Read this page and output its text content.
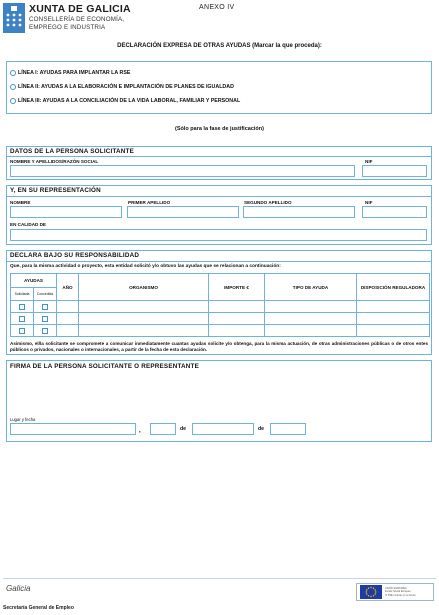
XUNTA DE GALICIA
CONSELLERÍA DE ECONOMÍA,
EMPREGO E INDUSTRIA
ANEXO IV
DECLARACIÓN EXPRESA DE OTRAS AYUDAS (Marcar la que proceda):
LÍNEA I: AYUDAS PARA IMPLANTAR LA RSE
LÍNEA II: AYUDAS A LA ELABORACIÓN E IMPLANTACIÓN DE PLANES DE IGUALDAD
LÍNEA III: AYUDAS A LA CONCILIACIÓN DE LA VIDA LABORAL, FAMILIAR Y PERSONAL
(Sólo para la fase de justificación)
DATOS DE LA PERSONA SOLICITANTE
NOMBRE Y APELLIDOS/RAZÓN SOCIAL	NIF
Y, EN SU REPRESENTACIÓN
NOMBRE	PRIMER APELLIDO	SEGUNDO APELLIDO	NIF
EN CALIDAD DE
DECLARA BAJO SU RESPONSABILIDAD
Que, para la misma actividad o proyecto, esta entidad solicitó y/o obtuvo las ayudas que se relacionan a continuación:
AYUDAS		AÑO	ORGANISMO	IMPORTE €	TIPO DE AYUDA	DISPOSICIÓN REGULADORA
Solicitada	Concedida					

Asimismo, el/la solicitante se compromete a comunicar inmediatamente cuantas ayudas solicite y/o obtenga, para la misma actuación, de otras administraciones públicas o de otros entes públicos o privados, nacionales o internacionales, a partir de la fecha de esta declaración.
FIRMA DE LA PERSONA SOLICITANTE O REPRESENTANTE
Lugar y fecha
,	de	de
Galicia	UNIÓN EUROPEA
Fondo Social Europeo
O FSE invierte en tu futuro
Secretaría General de Empleo
